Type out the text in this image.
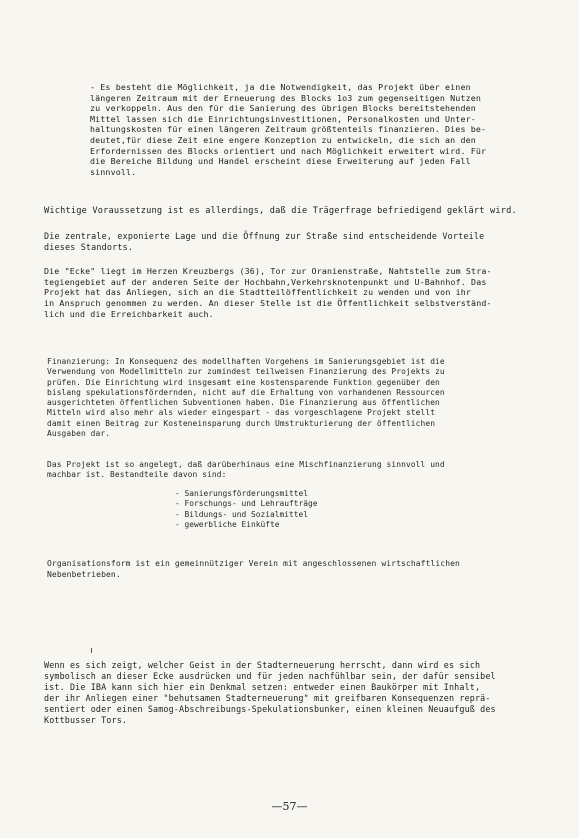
- Es besteht die Möglichkeit, ja die Notwendigkeit, das Projekt über einen
längeren Zeitraum mit der Erneuerung des Blocks 1o3 zum gegenseitigen Nutzen
zu verkoppeln. Aus den für die Sanierung des übrigen Blocks bereitstehenden
Mittel lassen sich die Einrichtungsinvestitionen, Personalkosten und Unter-
haltungskosten für einen längeren Zeitraum größtenteils finanzieren. Dies be-
deutet,für diese Zeit eine engere Konzeption zu entwickeln, die sich an den
Erfordernissen des Blocks orientiert und nach Möglichkeit erweitert wird. Für
die Bereiche Bildung und Handel erscheint diese Erweiterung auf jeden Fall
sinnvoll.

Wichtige Voraussetzung ist es allerdings, daß die Trägerfrage befriedigend geklärt wird.

Die zentrale, exponierte Lage und die Öffnung zur Straße sind entscheidende Vorteile
dieses Standorts.

Die "Ecke" liegt im Herzen Kreuzbergs (36), Tor zur Oranienstraße, Nahtstelle zum Stra-
tegiengebiet auf der anderen Seite der Hochbahn,Verkehrsknotenpunkt und U-Bahnhof. Das
Projekt hat das Anliegen, sich an die Stadtteilöffentlichkeit zu wenden und von ihr
in Anspruch genommen zu werden. An dieser Stelle ist die Öffentlichkeit selbstverständ-
lich und die Erreichbarkeit auch.

Finanzierung: In Konsequenz des modellhaften Vorgehens im Sanierungsgebiet ist die
Verwendung von Modellmitteln zur zumindest teilweisen Finanzierung des Projekts zu
prüfen. Die Einrichtung wird insgesamt eine kostensparende Funktion gegenüber den
bislang spekulationsfördernden, nicht auf die Erhaltung von vorhandenen Ressourcen
ausgerichteten öffentlichen Subventionen haben. Die Finanzierung aus öffentlichen
Mitteln wird also mehr als wieder eingespart - das vorgeschlagene Projekt stellt
damit einen Beitrag zur Kosteneinsparung durch Umstrukturierung der öffentlichen
Ausgaben dar.

Das Projekt ist so angelegt, daß darüberhinaus eine Mischfinanzierung sinnvoll und
machbar ist. Bestandteile davon sind:

- Sanierungsförderungsmittel
- Forschungs- und Lehraufträge
- Bildungs- und Sozialmittel
- gewerbliche Einküfte

Organisationsform ist ein gemeinnütziger Verein mit angeschlossenen wirtschaftlichen
Nebenbetrieben.

Wenn es sich zeigt, welcher Geist in der Stadterneuerung herrscht, dann wird es sich
symbolisch an dieser Ecke ausdrücken und für jeden nachfühlbar sein, der dafür sensibel
ist. Die IBA kann sich hier ein Denkmal setzen: entweder einen Baukörper mit Inhalt,
der ihr Anliegen einer "behutsamen Stadterneuerung" mit greifbaren Konsequenzen reprä-
sentiert oder einen Samog-Abschreibungs-Spekulationsbunker, einen kleinen Neuaufguß des
Kottbusser Tors.

—57—
